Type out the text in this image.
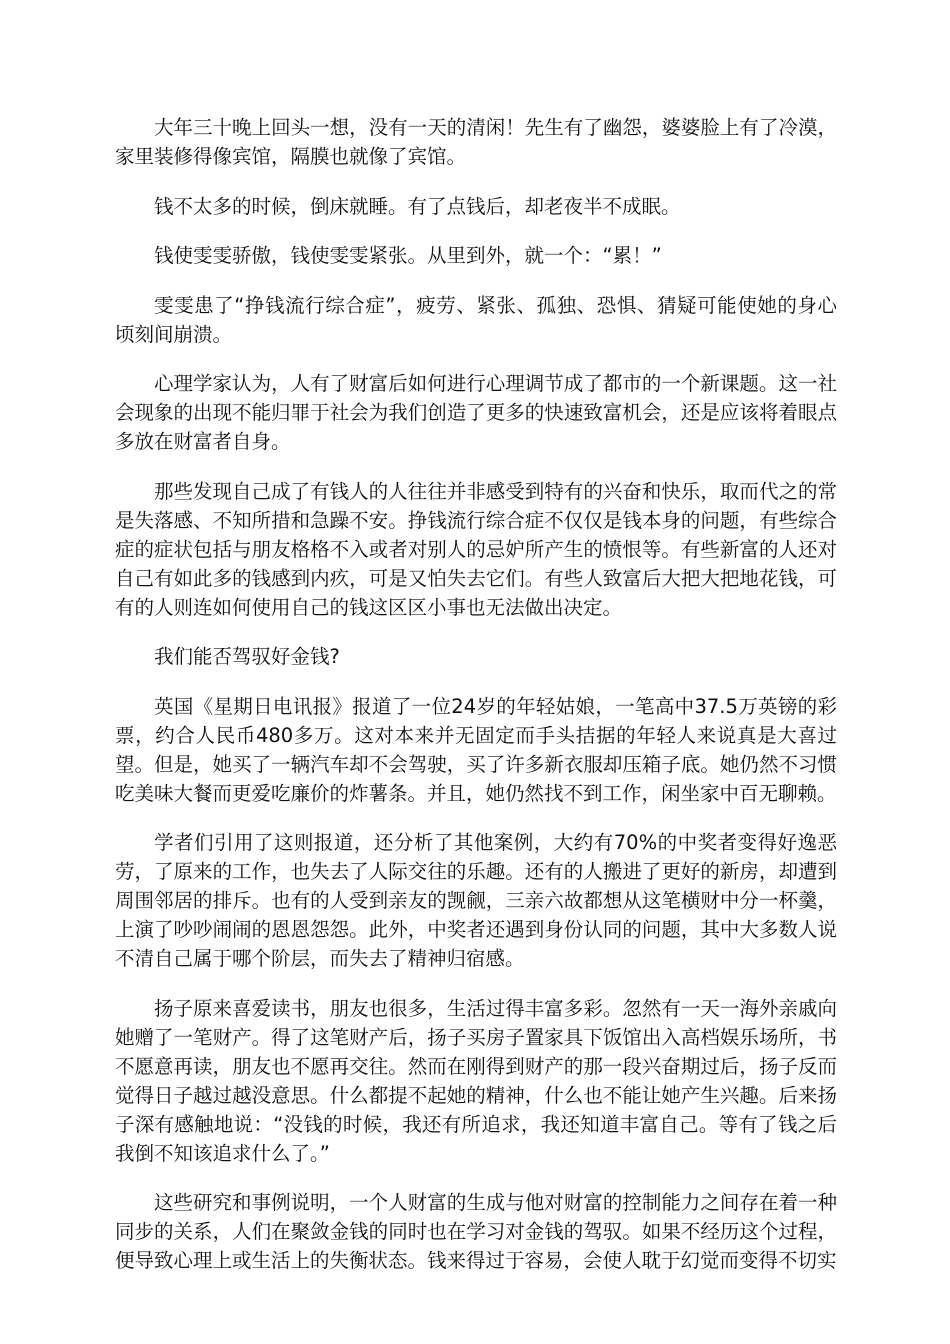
大年三十晚上回头一想，没有一天的清闲！先生有了幽怨，婆婆脸上有了冷漠，家里装修得像宾馆，隔膜也就像了宾馆。

钱不太多的时候，倒床就睡。有了点钱后，却老夜半不成眠。

钱使雯雯骄傲，钱使雯雯紧张。从里到外，就一个：“累！”

雯雯患了“挣钱流行综合症”，疲劳、紧张、孤独、恐惧、猜疑可能使她的身心顷刻间崩溃。

心理学家认为，人有了财富后如何进行心理调节成了都市的一个新课题。这一社会现象的出现不能归罪于社会为我们创造了更多的快速致富机会，还是应该将着眼点多放在财富者自身。

那些发现自己成了有钱人的人往往并非感受到特有的兴奋和快乐，取而代之的常是失落感、不知所措和急躁不安。挣钱流行综合症不仅仅是钱本身的问题，有些综合症的症状包括与朋友格格不入或者对别人的忌妒所产生的愤恨等。有些新富的人还对自己有如此多的钱感到内疚，可是又怕失去它们。有些人致富后大把大把地花钱，可有的人则连如何使用自己的钱这区区小事也无法做出决定。

我们能否驾驭好金钱?

英国《星期日电讯报》报道了一位24岁的年轻姑娘，一笔高中37.5万英镑的彩票，约合人民币480多万。这对本来并无固定而手头拮据的年轻人来说真是大喜过望。但是，她买了一辆汽车却不会驾驶，买了许多新衣服却压箱子底。她仍然不习惯吃美味大餐而更爱吃廉价的炸薯条。并且，她仍然找不到工作，闲坐家中百无聊赖。

学者们引用了这则报道，还分析了其他案例，大约有70%的中奖者变得好逸恶劳，了原来的工作，也失去了人际交往的乐趣。还有的人搬进了更好的新房，却遭到周围邻居的排斥。也有的人受到亲友的觊觎，三亲六故都想从这笔横财中分一杯羹，上演了吵吵闹闹的恩恩怨怨。此外，中奖者还遇到身份认同的问题，其中大多数人说不清自己属于哪个阶层，而失去了精神归宿感。

扬子原来喜爱读书，朋友也很多，生活过得丰富多彩。忽然有一天一海外亲戚向她赠了一笔财产。得了这笔财产后，扬子买房子置家具下饭馆出入高档娱乐场所，书不愿意再读，朋友也不愿再交往。然而在刚得到财产的那一段兴奋期过后，扬子反而觉得日子越过越没意思。什么都提不起她的精神，什么也不能让她产生兴趣。后来扬子深有感触地说：“没钱的时候，我还有所追求，我还知道丰富自己。等有了钱之后我倒不知该追求什么了。”

这些研究和事例说明，一个人财富的生成与他对财富的控制能力之间存在着一种同步的关系，人们在聚敛金钱的同时也在学习对金钱的驾驭。如果不经历这个过程，便导致心理上或生活上的失衡状态。钱来得过于容易，会使人耽于幻觉而变得不切实
